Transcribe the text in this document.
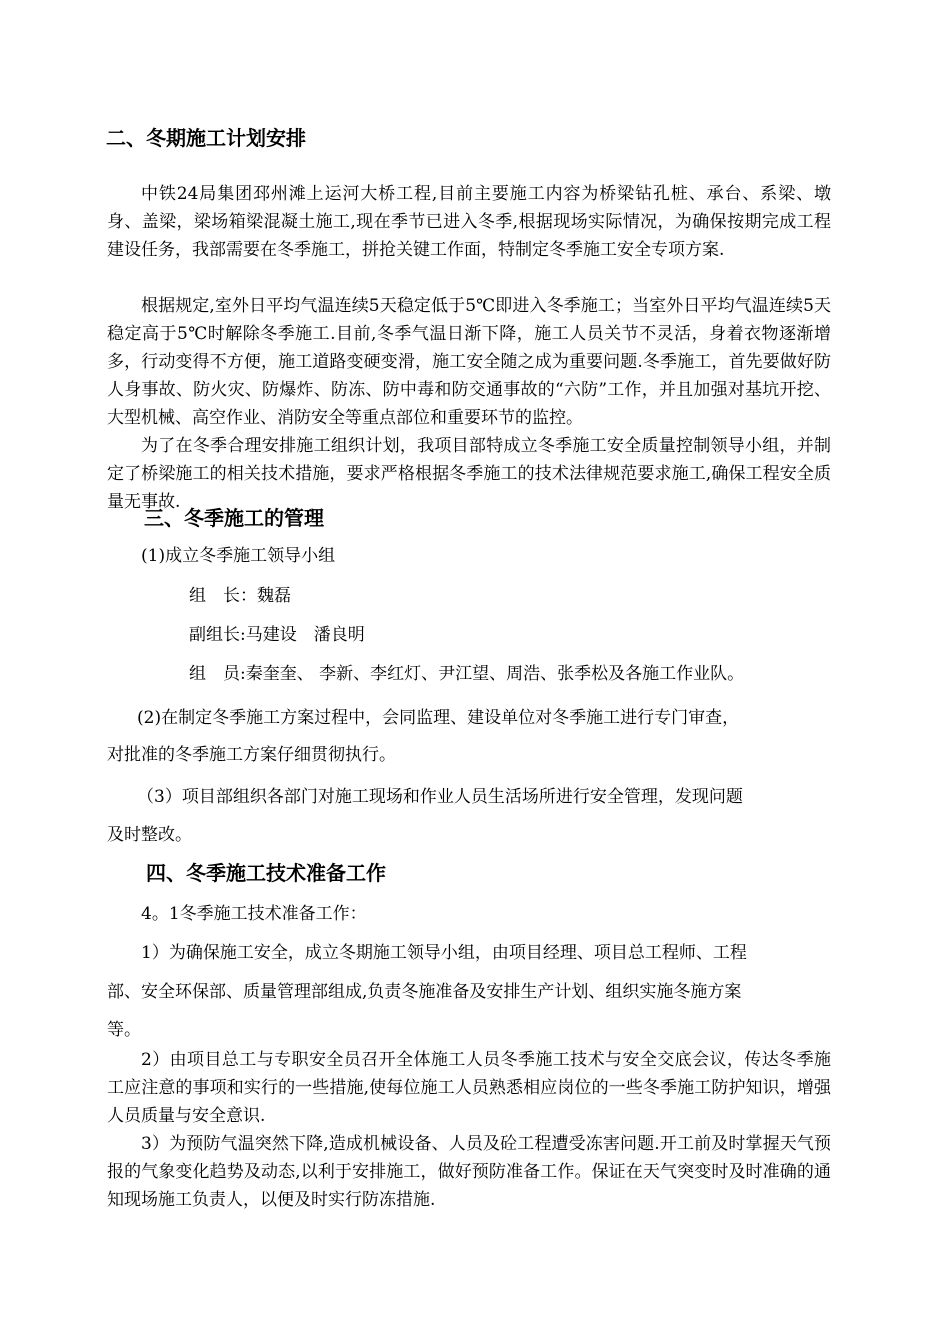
二、冬期施工计划安排

中铁24局集团邳州滩上运河大桥工程,目前主要施工内容为桥梁钻孔桩、承台、系梁、墩身、盖梁，梁场箱梁混凝土施工,现在季节已进入冬季,根据现场实际情况，为确保按期完成工程建设任务，我部需要在冬季施工，拼抢关键工作面，特制定冬季施工安全专项方案.

根据规定,室外日平均气温连续5天稳定低于5℃即进入冬季施工；当室外日平均气温连续5天稳定高于5℃时解除冬季施工.目前,冬季气温日渐下降，施工人员关节不灵活，身着衣物逐渐增多，行动变得不方便，施工道路变硬变滑，施工安全随之成为重要问题.冬季施工，首先要做好防人身事故、防火灾、防爆炸、防冻、防中毒和防交通事故的“六防”工作，并且加强对基坑开挖、大型机械、高空作业、消防安全等重点部位和重要环节的监控。

为了在冬季合理安排施工组织计划，我项目部特成立冬季施工安全质量控制领导小组，并制定了桥梁施工的相关技术措施，要求严格根据冬季施工的技术法律规范要求施工,确保工程安全质量无事故.

三、冬季施工的管理
(1)成立冬季施工领导小组
组　长：魏磊
副组长:马建设　潘良明
组　员:秦奎奎、 李新、李红灯、尹江望、周浩、张季松及各施工作业队。
(2)在制定冬季施工方案过程中，会同监理、建设单位对冬季施工进行专门审查，
对批准的冬季施工方案仔细贯彻执行。
（3）项目部组织各部门对施工现场和作业人员生活场所进行安全管理，发现问题
及时整改。
四、冬季施工技术准备工作
4。1冬季施工技术准备工作：
1）为确保施工安全，成立冬期施工领导小组，由项目经理、项目总工程师、工程
部、安全环保部、质量管理部组成,负责冬施准备及安排生产计划、组织实施冬施方案
等。

2）由项目总工与专职安全员召开全体施工人员冬季施工技术与安全交底会议，传达冬季施工应注意的事项和实行的一些措施,使每位施工人员熟悉相应岗位的一些冬季施工防护知识，增强人员质量与安全意识.

3）为预防气温突然下降,造成机械设备、人员及砼工程遭受冻害问题.开工前及时掌握天气预报的气象变化趋势及动态,以利于安排施工，做好预防准备工作。保证在天气突变时及时准确的通知现场施工负责人，以便及时实行防冻措施.
